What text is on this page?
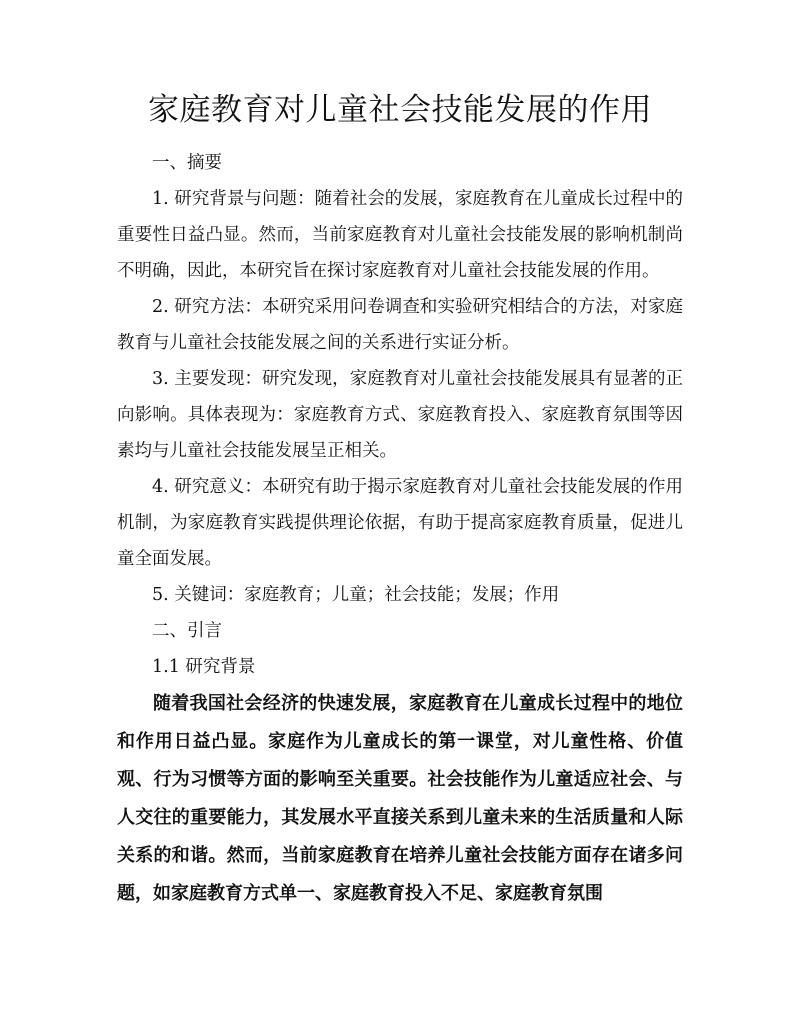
家庭教育对儿童社会技能发展的作用

一、摘要

1. 研究背景与问题：随着社会的发展，家庭教育在儿童成长过程中的重要性日益凸显。然而，当前家庭教育对儿童社会技能发展的影响机制尚不明确，因此，本研究旨在探讨家庭教育对儿童社会技能发展的作用。

2. 研究方法：本研究采用问卷调查和实验研究相结合的方法，对家庭教育与儿童社会技能发展之间的关系进行实证分析。

3. 主要发现：研究发现，家庭教育对儿童社会技能发展具有显著的正向影响。具体表现为：家庭教育方式、家庭教育投入、家庭教育氛围等因素均与儿童社会技能发展呈正相关。

4. 研究意义：本研究有助于揭示家庭教育对儿童社会技能发展的作用机制，为家庭教育实践提供理论依据，有助于提高家庭教育质量，促进儿童全面发展。

5. 关键词：家庭教育；儿童；社会技能；发展；作用

二、引言

1.1 研究背景

随着我国社会经济的快速发展，家庭教育在儿童成长过程中的地位和作用日益凸显。家庭作为儿童成长的第一课堂，对儿童性格、价值观、行为习惯等方面的影响至关重要。社会技能作为儿童适应社会、与人交往的重要能力，其发展水平直接关系到儿童未来的生活质量和人际关系的和谐。然而，当前家庭教育在培养儿童社会技能方面存在诸多问题，如家庭教育方式单一、家庭教育投入不足、家庭教育氛围
